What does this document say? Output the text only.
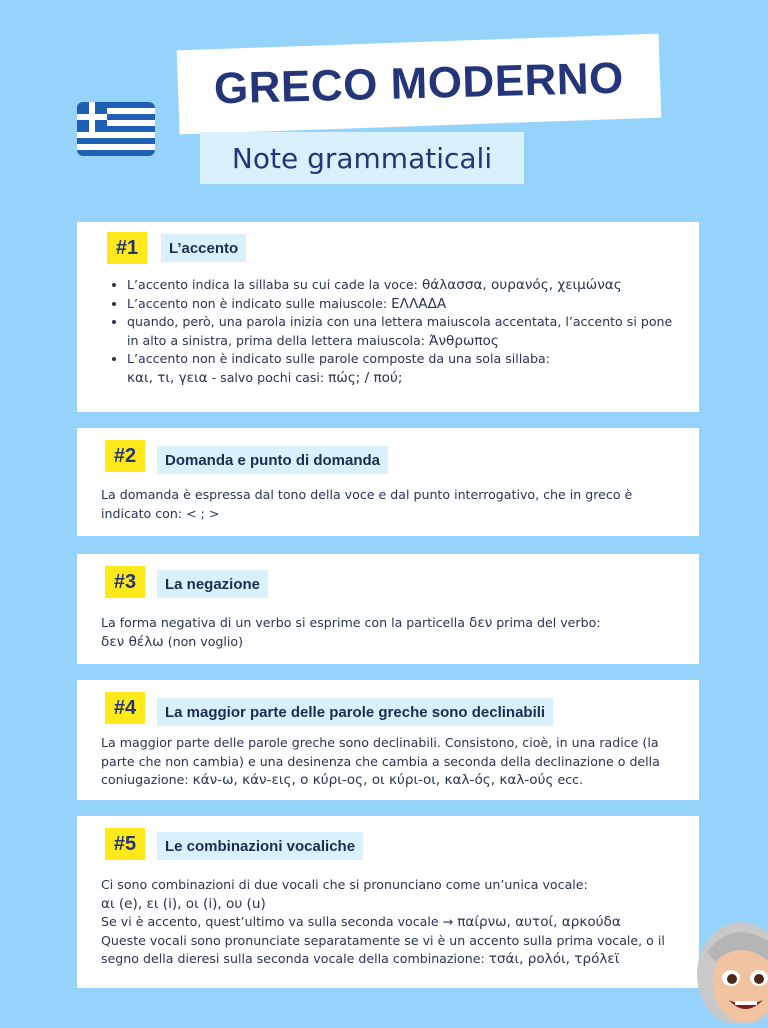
GRECO MODERNO
Note grammaticali
#1	L’accento
• L’accento indica la sillaba su cui cade la voce: θάλασσα, ουρανός, χειμώνας
• L’accento non è indicato sulle maiuscole: ΕΛΛΑΔΑ
• quando, però, una parola inizia con una lettera maiuscola accentata, l’accento si pone in alto a sinistra, prima della lettera maiuscola: Άνθρωπος
• L’accento non è indicato sulle parole composte da una sola sillaba:
και, τι, γεια - salvo pochi casi: πώς; / πού;
#2	Domanda e punto di domanda

La domanda è espressa dal tono della voce e dal punto interrogativo, che in greco è indicato con: < ; >

#3	La negazione

La forma negativa di un verbo si esprime con la particella δεν prima del verbo:
δεν θέλω (non voglio)

#4	La maggior parte delle parole greche sono declinabili

La maggior parte delle parole greche sono declinabili. Consistono, cioè, in una radice (la parte che non cambia) e una desinenza che cambia a seconda della declinazione o della coniugazione: κάν-ω, κάν-εις, ο κύρι-ος, οι κύρι-οι, καλ-ός, καλ-ούς ecc.

#5	Le combinazioni vocaliche

Ci sono combinazioni di due vocali che si pronunciano come un’unica vocale:
αι (e), ει (i), οι (i), ου (u)
Se vi è accento, quest’ultimo va sulla seconda vocale → παίρνω, αυτοί, αρκούδα
Queste vocali sono pronunciate separatamente se vi è un accento sulla prima vocale, o il segno della dieresi sulla seconda vocale della combinazione: τσάι, ρολόι, τρόλεϊ
